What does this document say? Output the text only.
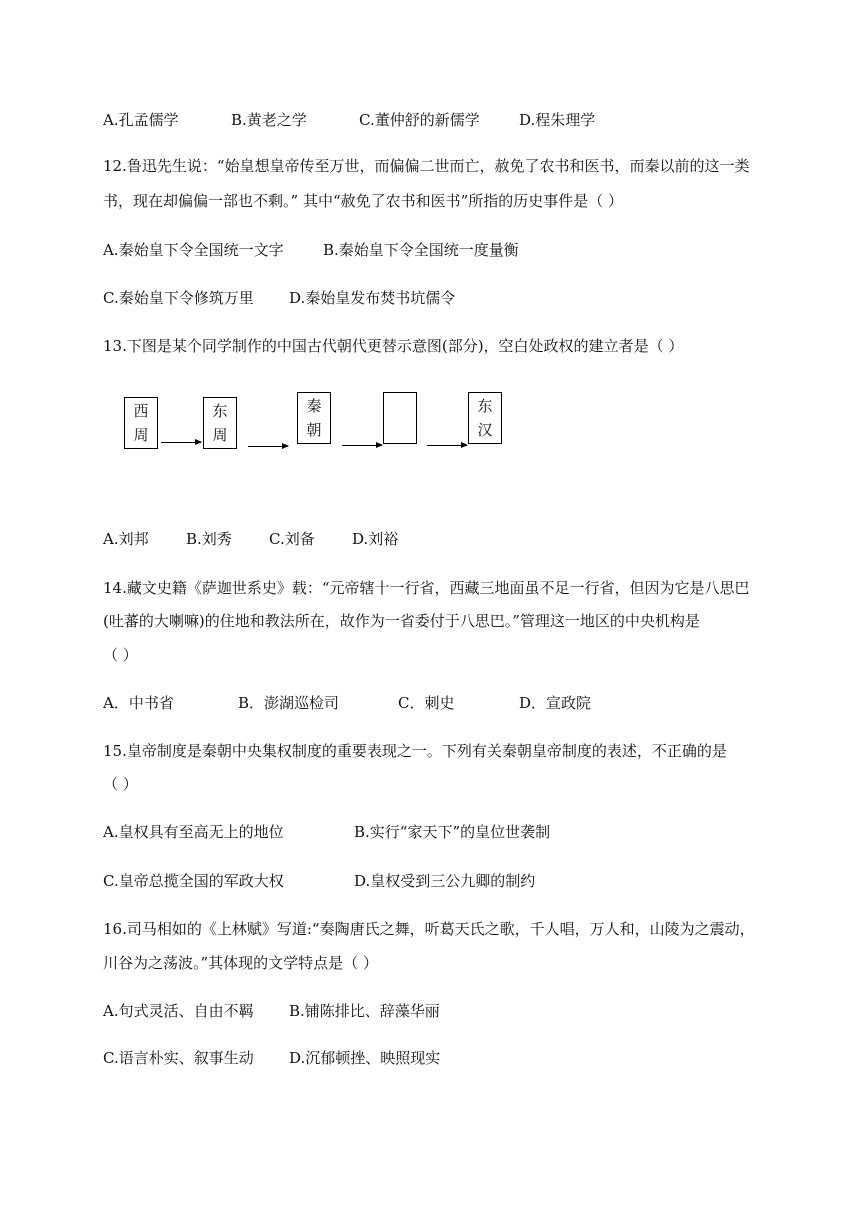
A.孔孟儒学	B.黄老之学	C.董仲舒的新儒学	D.程朱理学
12.鲁迅先生说：“始皇想皇帝传至万世，而偏偏二世而亡，赦免了农书和医书，而秦以前的这一类
书，现在却偏偏一部也不剩。” 其中“赦免了农书和医书”所指的历史事件是（ ）
A.秦始皇下令全国统一文字	B.秦始皇下令全国统一度量衡
C.秦始皇下令修筑万里 D.秦始皇发布焚书坑儒令
13.下图是某个同学制作的中国古代朝代更替示意图(部分)，空白处政权的建立者是（ ）
西
周
东
周
秦
朝
东
汉
A.刘邦 B.刘秀 C.刘备 D.刘裕
14.藏文史籍《萨迦世系史》载：“元帝辖十一行省，西藏三地面虽不足一行省，但因为它是八思巴
(吐蕃的大喇嘛)的住地和教法所在，故作为一省委付于八思巴。”管理这一地区的中央机构是
（ ）
A．中书省	B．澎湖巡检司	C．刺史	D．宣政院
15.皇帝制度是秦朝中央集权制度的重要表现之一。下列有关秦朝皇帝制度的表述，不正确的是
（ ）
A.皇权具有至高无上的地位	B.实行“家天下”的皇位世袭制
C.皇帝总揽全国的军政大权	D.皇权受到三公九卿的制约
16.司马相如的《上林赋》写道:“奏陶唐氏之舞，听葛天氏之歌，千人唱，万人和，山陵为之震动，
川谷为之荡波。”其体现的文学特点是（ ）
A.句式灵活、自由不羁 B.铺陈排比、辞藻华丽
C.语言朴实、叙事生动 D.沉郁顿挫、映照现实
